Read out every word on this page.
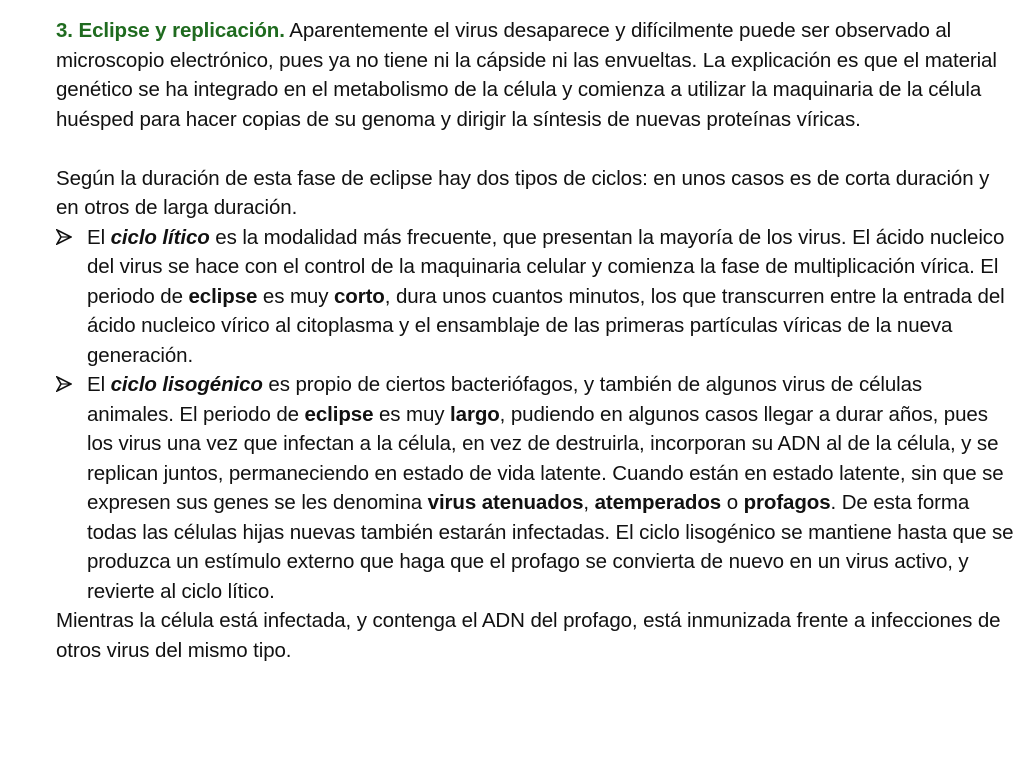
3. Eclipse y replicación. Aparentemente el virus desaparece y difícilmente puede ser observado al microscopio electrónico, pues ya no tiene ni la cápside ni las envueltas. La explicación es que el material genético se ha integrado en el metabolismo de la célula y comienza a utilizar la maquinaria de la célula huésped para hacer copias de su genoma y dirigir la síntesis de nuevas proteínas víricas.

Según la duración de esta fase de eclipse hay dos tipos de ciclos: en unos casos es de corta duración y en otros de larga duración.

El ciclo lítico es la modalidad más frecuente, que presentan la mayoría de los virus. El ácido nucleico del virus se hace con el control de la maquinaria celular y comienza la fase de multiplicación vírica. El periodo de eclipse es muy corto, dura unos cuantos minutos, los que transcurren entre la entrada del ácido nucleico vírico al citoplasma y el ensamblaje de las primeras partículas víricas de la nueva generación.

El ciclo lisogénico es propio de ciertos bacteriófagos, y también de algunos virus de células animales. El periodo de eclipse es muy largo, pudiendo en algunos casos llegar a durar años, pues los virus una vez que infectan a la célula, en vez de destruirla, incorporan su ADN al de la célula, y se replican juntos, permaneciendo en estado de vida latente. Cuando están en estado latente, sin que se expresen sus genes se les denomina virus atenuados, atemperados o profagos. De esta forma todas las células hijas nuevas también estarán infectadas. El ciclo lisogénico se mantiene hasta que se produzca un estímulo externo que haga que el profago se convierta de nuevo en un virus activo, y revierte al ciclo lítico.

Mientras la célula está infectada, y contenga el ADN del profago, está inmunizada frente a infecciones de otros virus del mismo tipo.
